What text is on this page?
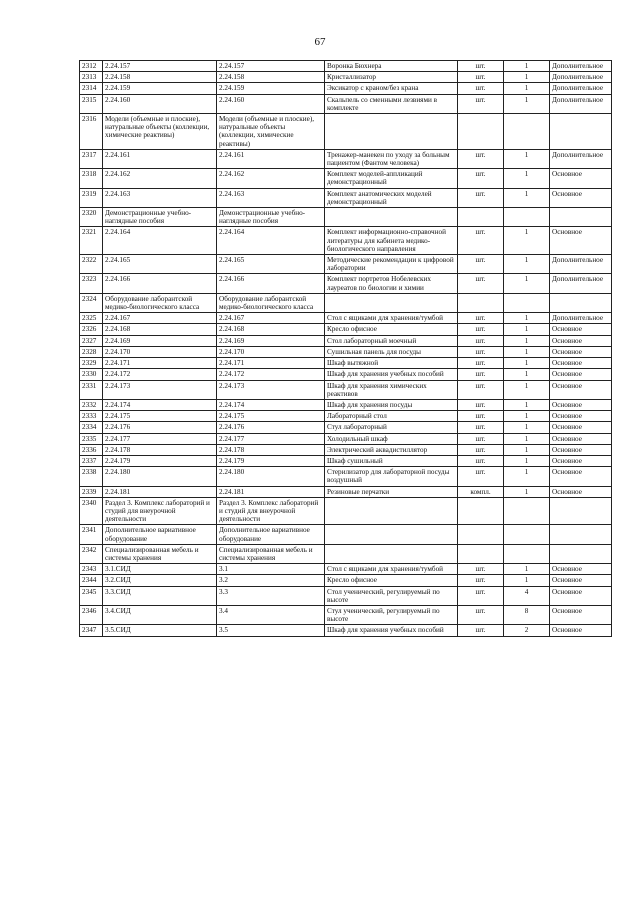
67
2312	2.24.157	2.24.157	Воронка Бюхнера	шт.	1	Дополнительное
2313	2.24.158	2.24.158	Кристаллизатор	шт.	1	Дополнительное
2314	2.24.159	2.24.159	Эксикатор с краном/без крана	шт.	1	Дополнительное
2315	2.24.160	2.24.160	Скальпель со сменными лезвиями в комплекте	шт.	1	Дополнительное
2316	Модели (объемные и плоские), натуральные объекты (коллекции, химические реактивы)	Модели (объемные и плоские), натуральные объекты (коллекции, химические реактивы)				
2317	2.24.161	2.24.161	Тренажер-манекен по уходу за больным пациентом (Фантом человека)	шт.	1	Дополнительное
2318	2.24.162	2.24.162	Комплект моделей-аппликаций демонстрационный	шт.	1	Основное
2319	2.24.163	2.24.163	Комплект анатомических моделей демонстрационный	шт.	1	Основное
2320	Демонстрационные учебно-наглядные пособия	Демонстрационные учебно-наглядные пособия				
2321	2.24.164	2.24.164	Комплект информационно-справочной литературы для кабинета медико-биологического направления	шт.	1	Основное
2322	2.24.165	2.24.165	Методические рекомендации к цифровой лаборатории	шт.	1	Дополнительное
2323	2.24.166	2.24.166	Комплект портретов Нобелевских лауреатов по биологии и химии	шт.	1	Дополнительное
2324	Оборудование лаборантской медико-биологического класса	Оборудование лаборантской медико-биологического класса				
2325	2.24.167	2.24.167	Стол с ящиками для хранения/тумбой	шт.	1	Дополнительное
2326	2.24.168	2.24.168	Кресло офисное	шт.	1	Основное
2327	2.24.169	2.24.169	Стол лабораторный моечный	шт.	1	Основное
2328	2.24.170	2.24.170	Сушильная панель для посуды	шт.	1	Основное
2329	2.24.171	2.24.171	Шкаф вытяжной	шт.	1	Основное
2330	2.24.172	2.24.172	Шкаф для хранения учебных пособий	шт.	1	Основное
2331	2.24.173	2.24.173	Шкаф для хранения химических реактивов	шт.	1	Основное
2332	2.24.174	2.24.174	Шкаф для хранения посуды	шт.	1	Основное
2333	2.24.175	2.24.175	Лабораторный стол	шт.	1	Основное
2334	2.24.176	2.24.176	Стул лабораторный	шт.	1	Основное
2335	2.24.177	2.24.177	Холодильный шкаф	шт.	1	Основное
2336	2.24.178	2.24.178	Электрический аквадистиллятор	шт.	1	Основное
2337	2.24.179	2.24.179	Шкаф сушильный	шт.	1	Основное
2338	2.24.180	2.24.180	Стерилизатор для лабораторной посуды воздушный	шт.	1	Основное
2339	2.24.181	2.24.181	Резиновые перчатки	компл.	1	Основное
2340	Раздел 3. Комплекс лабораторий и студий для внеурочной деятельности	Раздел 3. Комплекс лабораторий и студий для внеурочной деятельности				
2341	Дополнительное вариативное оборудование	Дополнительное вариативное оборудование				
2342	Специализированная мебель и системы хранения	Специализированная мебель и системы хранения				
2343	3.1.СИД	3.1	Стол с ящиками для хранения/тумбой	шт.	1	Основное
2344	3.2.СИД	3.2	Кресло офисное	шт.	1	Основное
2345	3.3.СИД	3.3	Стол ученический, регулируемый по высоте	шт.	4	Основное
2346	3.4.СИД	3.4	Стул ученический, регулируемый по высоте	шт.	8	Основное
2347	3.5.СИД	3.5	Шкаф для хранения учебных пособий	шт.	2	Основное
